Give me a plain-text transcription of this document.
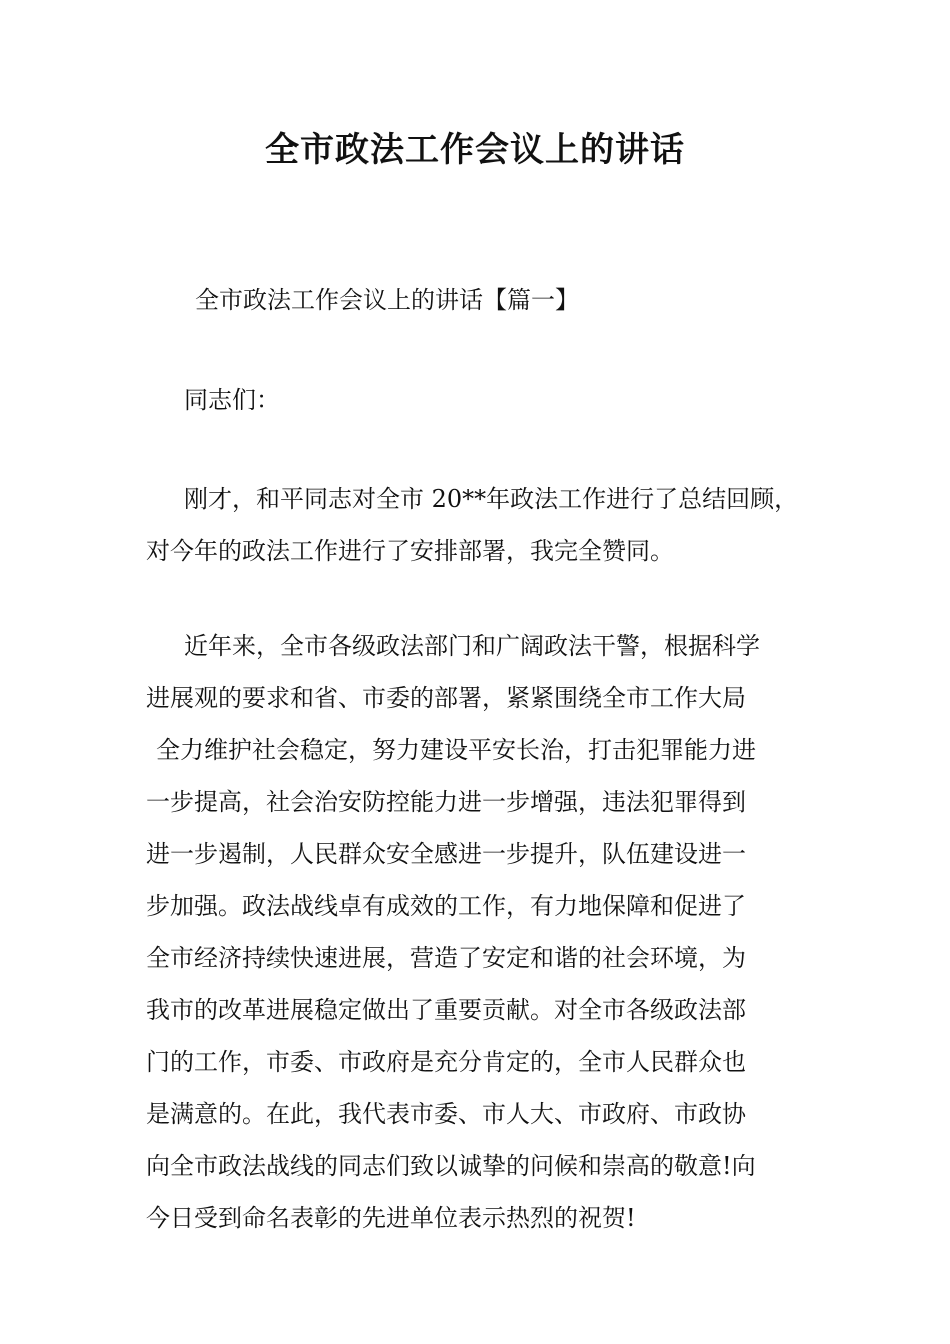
全市政法工作会议上的讲话

全市政法工作会议上的讲话【篇一】

同志们：

刚才，和平同志对全市 20**年政法工作进行了总结回顾，
对今年的政法工作进行了安排部署，我完全赞同。
近年来，全市各级政法部门和广阔政法干警，根据科学
进展观的要求和省、市委的部署，紧紧围绕全市工作大局
全力维护社会稳定，努力建设平安长治，打击犯罪能力进
一步提高，社会治安防控能力进一步增强，违法犯罪得到
进一步遏制，人民群众安全感进一步提升，队伍建设进一
步加强。政法战线卓有成效的工作，有力地保障和促进了
全市经济持续快速进展，营造了安定和谐的社会环境，为
我市的改革进展稳定做出了重要贡献。对全市各级政法部
门的工作，市委、市政府是充分肯定的，全市人民群众也
是满意的。在此，我代表市委、市人大、市政府、市政协
向全市政法战线的同志们致以诚挚的问候和崇高的敬意!向
今日受到命名表彰的先进单位表示热烈的祝贺!
